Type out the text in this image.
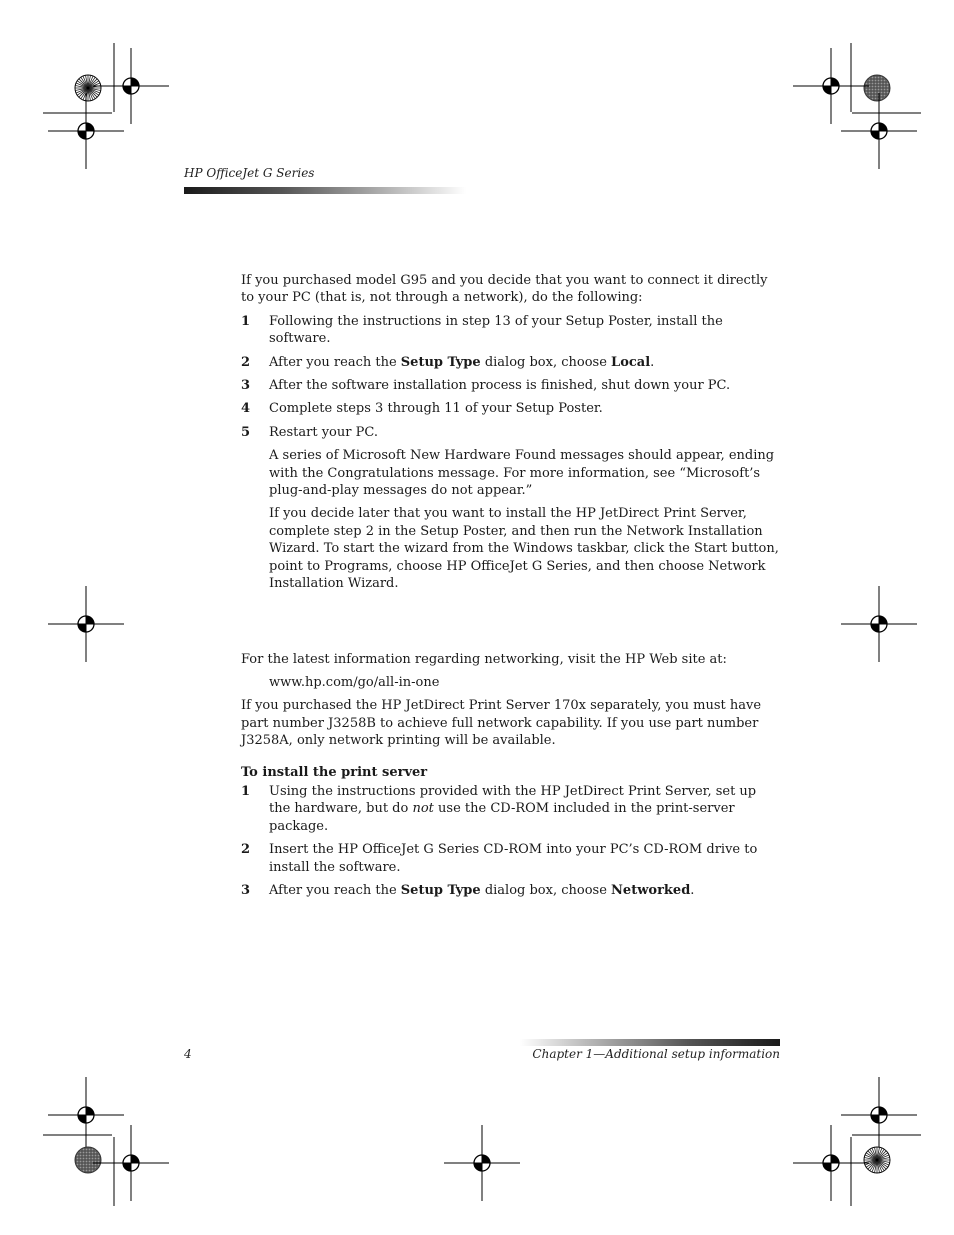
HP OfficeJet G Series

If you purchased model G95 and you decide that you want to connect it directly to your PC (that is, not through a network), do the following:

1 Following the instructions in step 13 of your Setup Poster, install the software.
2 After you reach the Setup Type dialog box, choose Local.
3 After the software installation process is finished, shut down your PC.
4 Complete steps 3 through 11 of your Setup Poster.
5 Restart your PC.

A series of Microsoft New Hardware Found messages should appear, ending with the Congratulations message. For more information, see “Microsoft’s plug-and-play messages do not appear.”

If you decide later that you want to install the HP JetDirect Print Server, complete step 2 in the Setup Poster, and then run the Network Installation Wizard. To start the wizard from the Windows taskbar, click the Start button, point to Programs, choose HP OfficeJet G Series, and then choose Network Installation Wizard.

For the latest information regarding networking, visit the HP Web site at:

www.hp.com/go/all-in-one

If you purchased the HP JetDirect Print Server 170x separately, you must have part number J3258B to achieve full network capability. If you use part number J3258A, only network printing will be available.

To install the print server

1 Using the instructions provided with the HP JetDirect Print Server, set up the hardware, but do not use the CD-ROM included in the print-server package.
2 Insert the HP OfficeJet G Series CD-ROM into your PC’s CD-ROM drive to install the software.
3 After you reach the Setup Type dialog box, choose Networked.
4	Chapter 1—Additional setup information
